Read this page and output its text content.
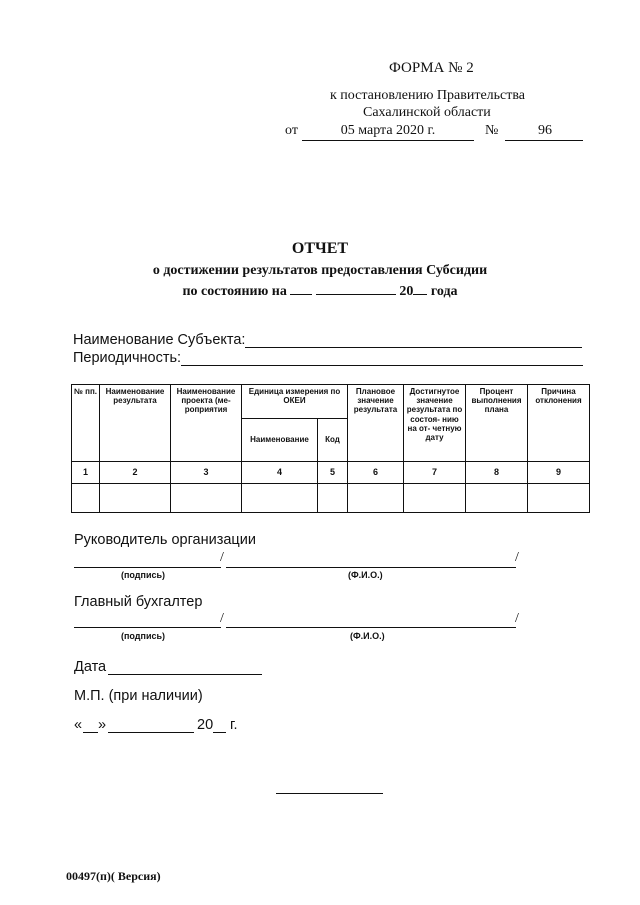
ФОРМА № 2
к постановлению Правительства
Сахалинской области
от	05 марта 2020 г.	№	96
ОТЧЕТ
о достижении результатов предоставления Субсидии
по состоянию на	20 года
Наименование Субъекта:
Периодичность:
№ пп.	Наименование результата	Наименование проекта (ме- роприятия	Единица измерения по ОКЕИ		Плановое значение результата	Достигнутое значение результата по состоя- нию на от- четную дату	Процент выполнения плана	Причина отклонения
			Наименование	Код				
1	2	3	4	5	6	7	8	9

Руководитель организации
/	/
(подпись)	(Ф.И.О.)
Главный бухгалтер
/	/
(подпись)	(Ф.И.О.)
Дата
М.П. (при наличии)
« »	20 г.
00497(п)( Версия)
